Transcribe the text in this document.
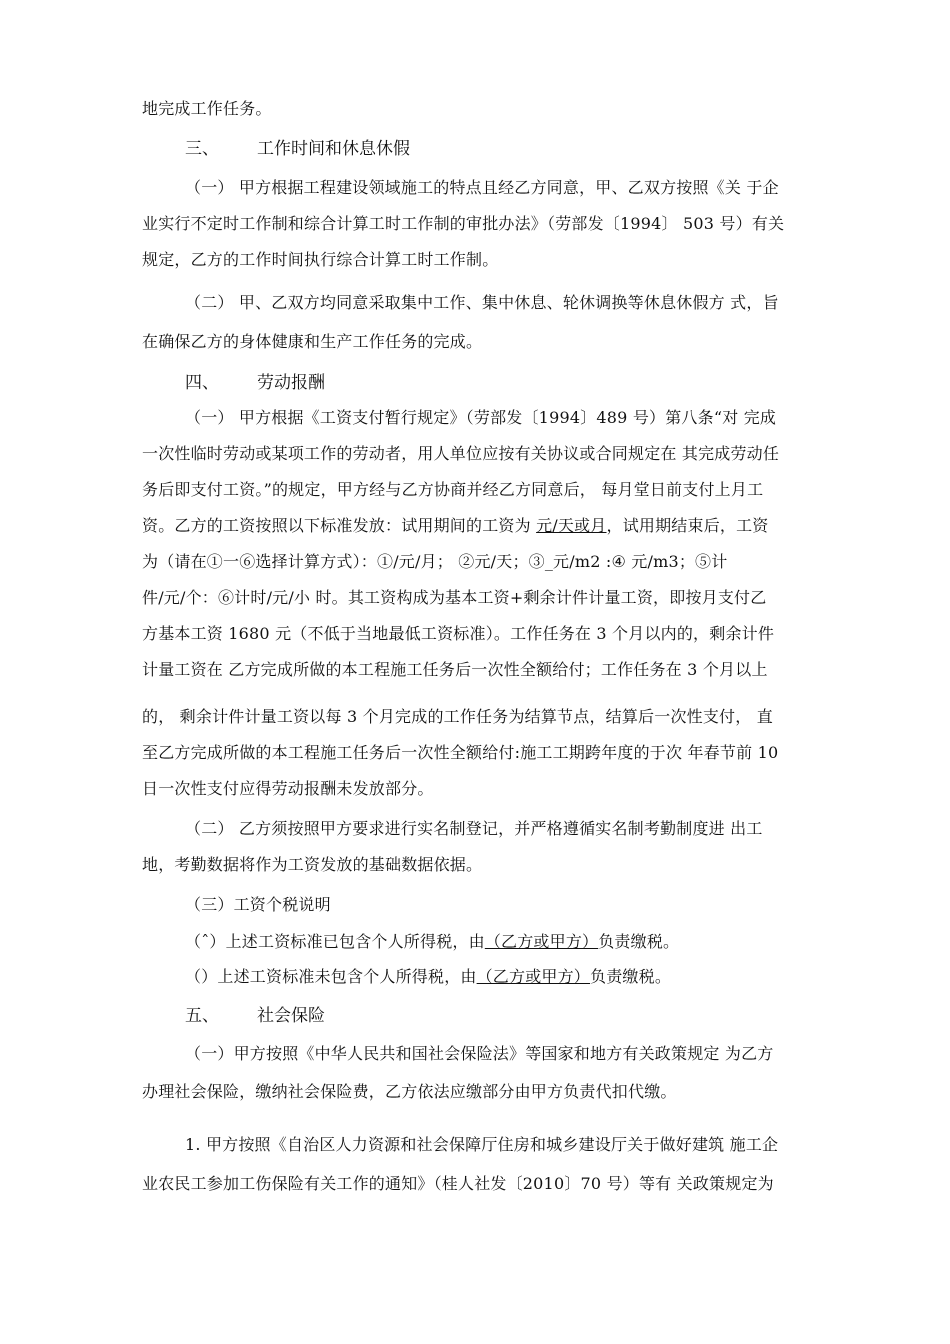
地完成工作任务。
三、 工作时间和休息休假
（一） 甲方根据工程建设领域施工的特点且经乙方同意，甲、乙双方按照《关 于企
业实行不定时工作制和综合计算工时工作制的审批办法》（劳部发〔1994〕 503 号）有关
规定，乙方的工作时间执行综合计算工时工作制。
（二） 甲、乙双方均同意采取集中工作、集中休息、轮休调换等休息休假方 式，旨
在确保乙方的身体健康和生产工作任务的完成。
四、 劳动报酬
（一） 甲方根据《工资支付暂行规定》（劳部发〔1994〕489 号）第八条“对 完成
一次性临时劳动或某项工作的劳动者，用人单位应按有关协议或合同规定在 其完成劳动任
务后即支付工资。”的规定，甲方经与乙方协商并经乙方同意后， 每月堂日前支付上月工
资。乙方的工资按照以下标准发放：试用期间的工资为 元/天或月，试用期结束后，工资
为（请在①一⑥选择计算方式）：①/元/月； ②元/天；③_元/m2 :④ 元/m3；⑤计
件/元/个：⑥计时/元/小 时。其工资构成为基本工资+剩余计件计量工资，即按月支付乙
方基本工资 1680 元（不低于当地最低工资标准）。工作任务在 3 个月以内的，剩余计件
计量工资在 乙方完成所做的本工程施工任务后一次性全额给付；工作任务在 3 个月以上
的， 剩余计件计量工资以每 3 个月完成的工作任务为结算节点，结算后一次性支付， 直
至乙方完成所做的本工程施工任务后一次性全额给付:施工工期跨年度的于次 年春节前 10
日一次性支付应得劳动报酬未发放部分。
（二） 乙方须按照甲方要求进行实名制登记，并严格遵循实名制考勤制度进 出工
地，考勤数据将作为工资发放的基础数据依据。
（三）工资个税说明
（ˆ）上述工资标准已包含个人所得税，由（乙方或甲方）负责缴税。
（）上述工资标准未包含个人所得税，由（乙方或甲方）负责缴税。
五、 社会保险
（一）甲方按照《中华人民共和国社会保险法》等国家和地方有关政策规定 为乙方
办理社会保险，缴纳社会保险费，乙方依法应缴部分由甲方负责代扣代缴。
1. 甲方按照《自治区人力资源和社会保障厅住房和城乡建设厅关于做好建筑 施工企
业农民工参加工伤保险有关工作的通知》（桂人社发〔2010〕70 号）等有 关政策规定为
